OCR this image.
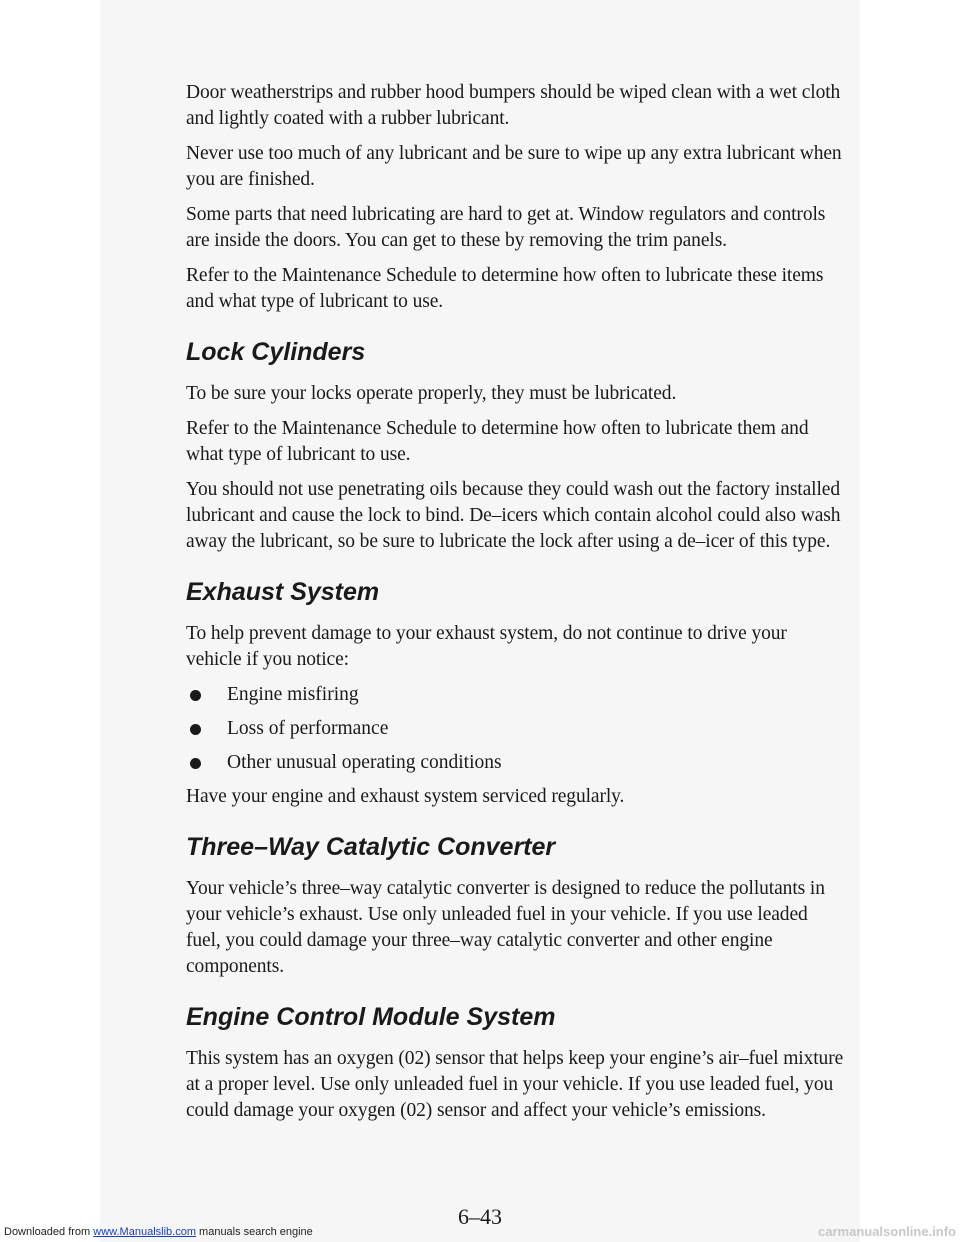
Door weatherstrips and rubber hood bumpers should be wiped clean with a wet cloth and lightly coated with a rubber lubricant.

Never use too much of any lubricant and be sure to wipe up any extra lubricant when you are finished.

Some parts that need lubricating are hard to get at. Window regulators and controls are inside the doors. You can get to these by removing the trim panels.

Refer to the Maintenance Schedule to determine how often to lubricate these items and what type of lubricant to use.

Lock Cylinders

To be sure your locks operate properly, they must be lubricated.

Refer to the Maintenance Schedule to determine how often to lubricate them and what type of lubricant to use.

You should not use penetrating oils because they could wash out the factory installed lubricant and cause the lock to bind. De–icers which contain alcohol could also wash away the lubricant, so be sure to lubricate the lock after using a de–icer of this type.

Exhaust System

To help prevent damage to your exhaust system, do not continue to drive your vehicle if you notice:

Engine misfiring
Loss of performance
Other unusual operating conditions

Have your engine and exhaust system serviced regularly.

Three–Way Catalytic Converter

Your vehicle’s three–way catalytic converter is designed to reduce the pollutants in your vehicle’s exhaust. Use only unleaded fuel in your vehicle. If you use leaded fuel, you could damage your three–way catalytic converter and other engine components.

Engine Control Module System

This system has an oxygen (02) sensor that helps keep your engine’s air–fuel mixture at a proper level. Use only unleaded fuel in your vehicle. If you use leaded fuel, you could damage your oxygen (02) sensor and affect your vehicle’s emissions.

6–43
Downloaded from www.Manualslib.com manuals search engine	carmanualsonline.info
